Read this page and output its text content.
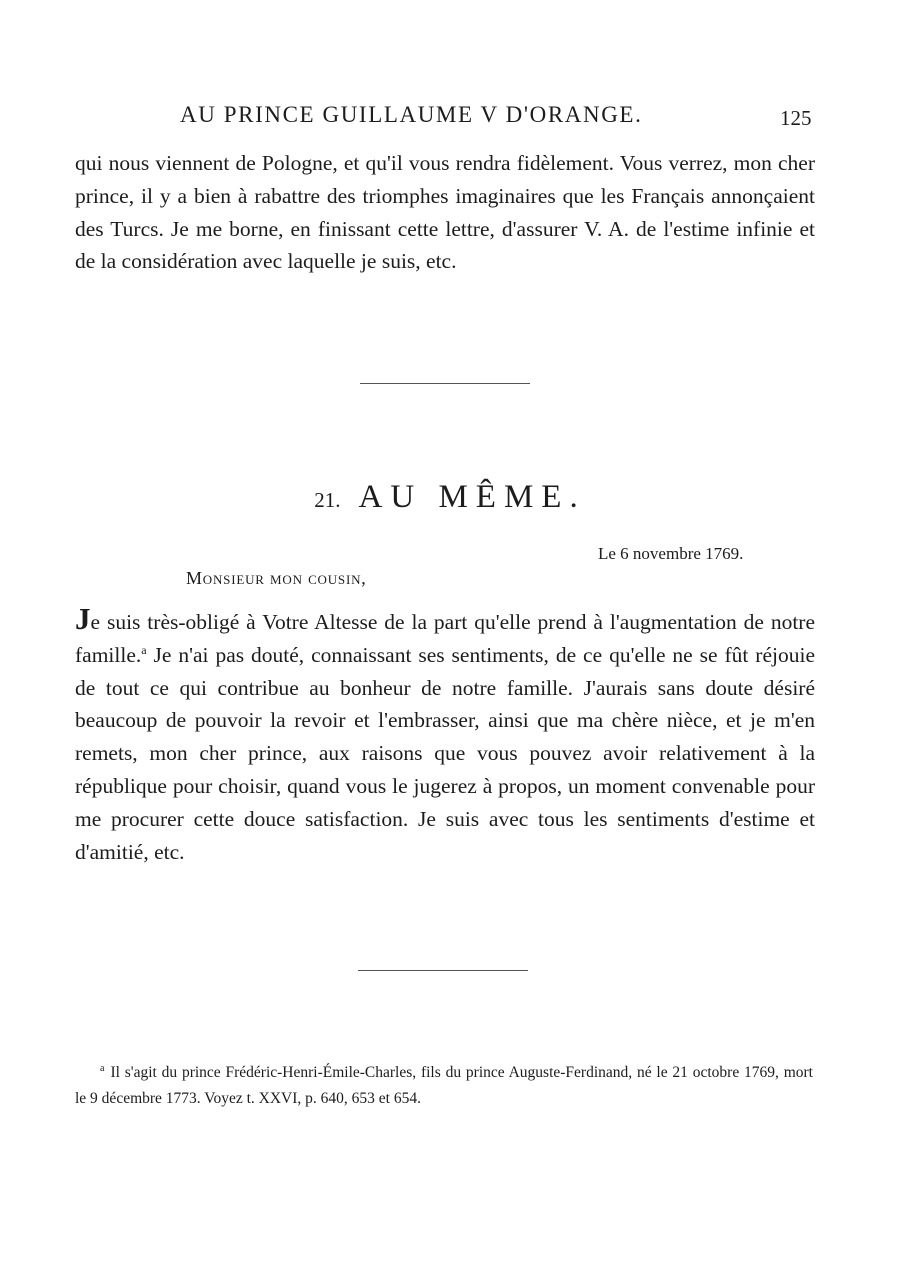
AU PRINCE GUILLAUME V D'ORANGE.	125
qui nous viennent de Pologne, et qu'il vous rendra fidèlement. Vous verrez, mon cher prince, il y a bien à rabattre des triomphes imaginaires que les Français annonçaient des Turcs. Je me borne, en finissant cette lettre, d'assurer V. A. de l'estime infinie et de la considération avec laquelle je suis, etc.
21. AU MÊME.
Le 6 novembre 1769.
Monsieur mon cousin,
Je suis très-obligé à Votre Altesse de la part qu'elle prend à l'augmentation de notre famille.$^a$ Je n'ai pas douté, connaissant ses sentiments, de ce qu'elle ne se fût réjouie de tout ce qui contribue au bonheur de notre famille. J'aurais sans doute désiré beaucoup de pouvoir la revoir et l'embrasser, ainsi que ma chère nièce, et je m'en remets, mon cher prince, aux raisons que vous pouvez avoir relativement à la république pour choisir, quand vous le jugerez à propos, un moment convenable pour me procurer cette douce satisfaction. Je suis avec tous les sentiments d'estime et d'amitié, etc.
$^a$ Il s'agit du prince Frédéric-Henri-Émile-Charles, fils du prince Auguste-Ferdinand, né le 21 octobre 1769, mort le 9 décembre 1773. Voyez t. XXVI, p. 640, 653 et 654.
